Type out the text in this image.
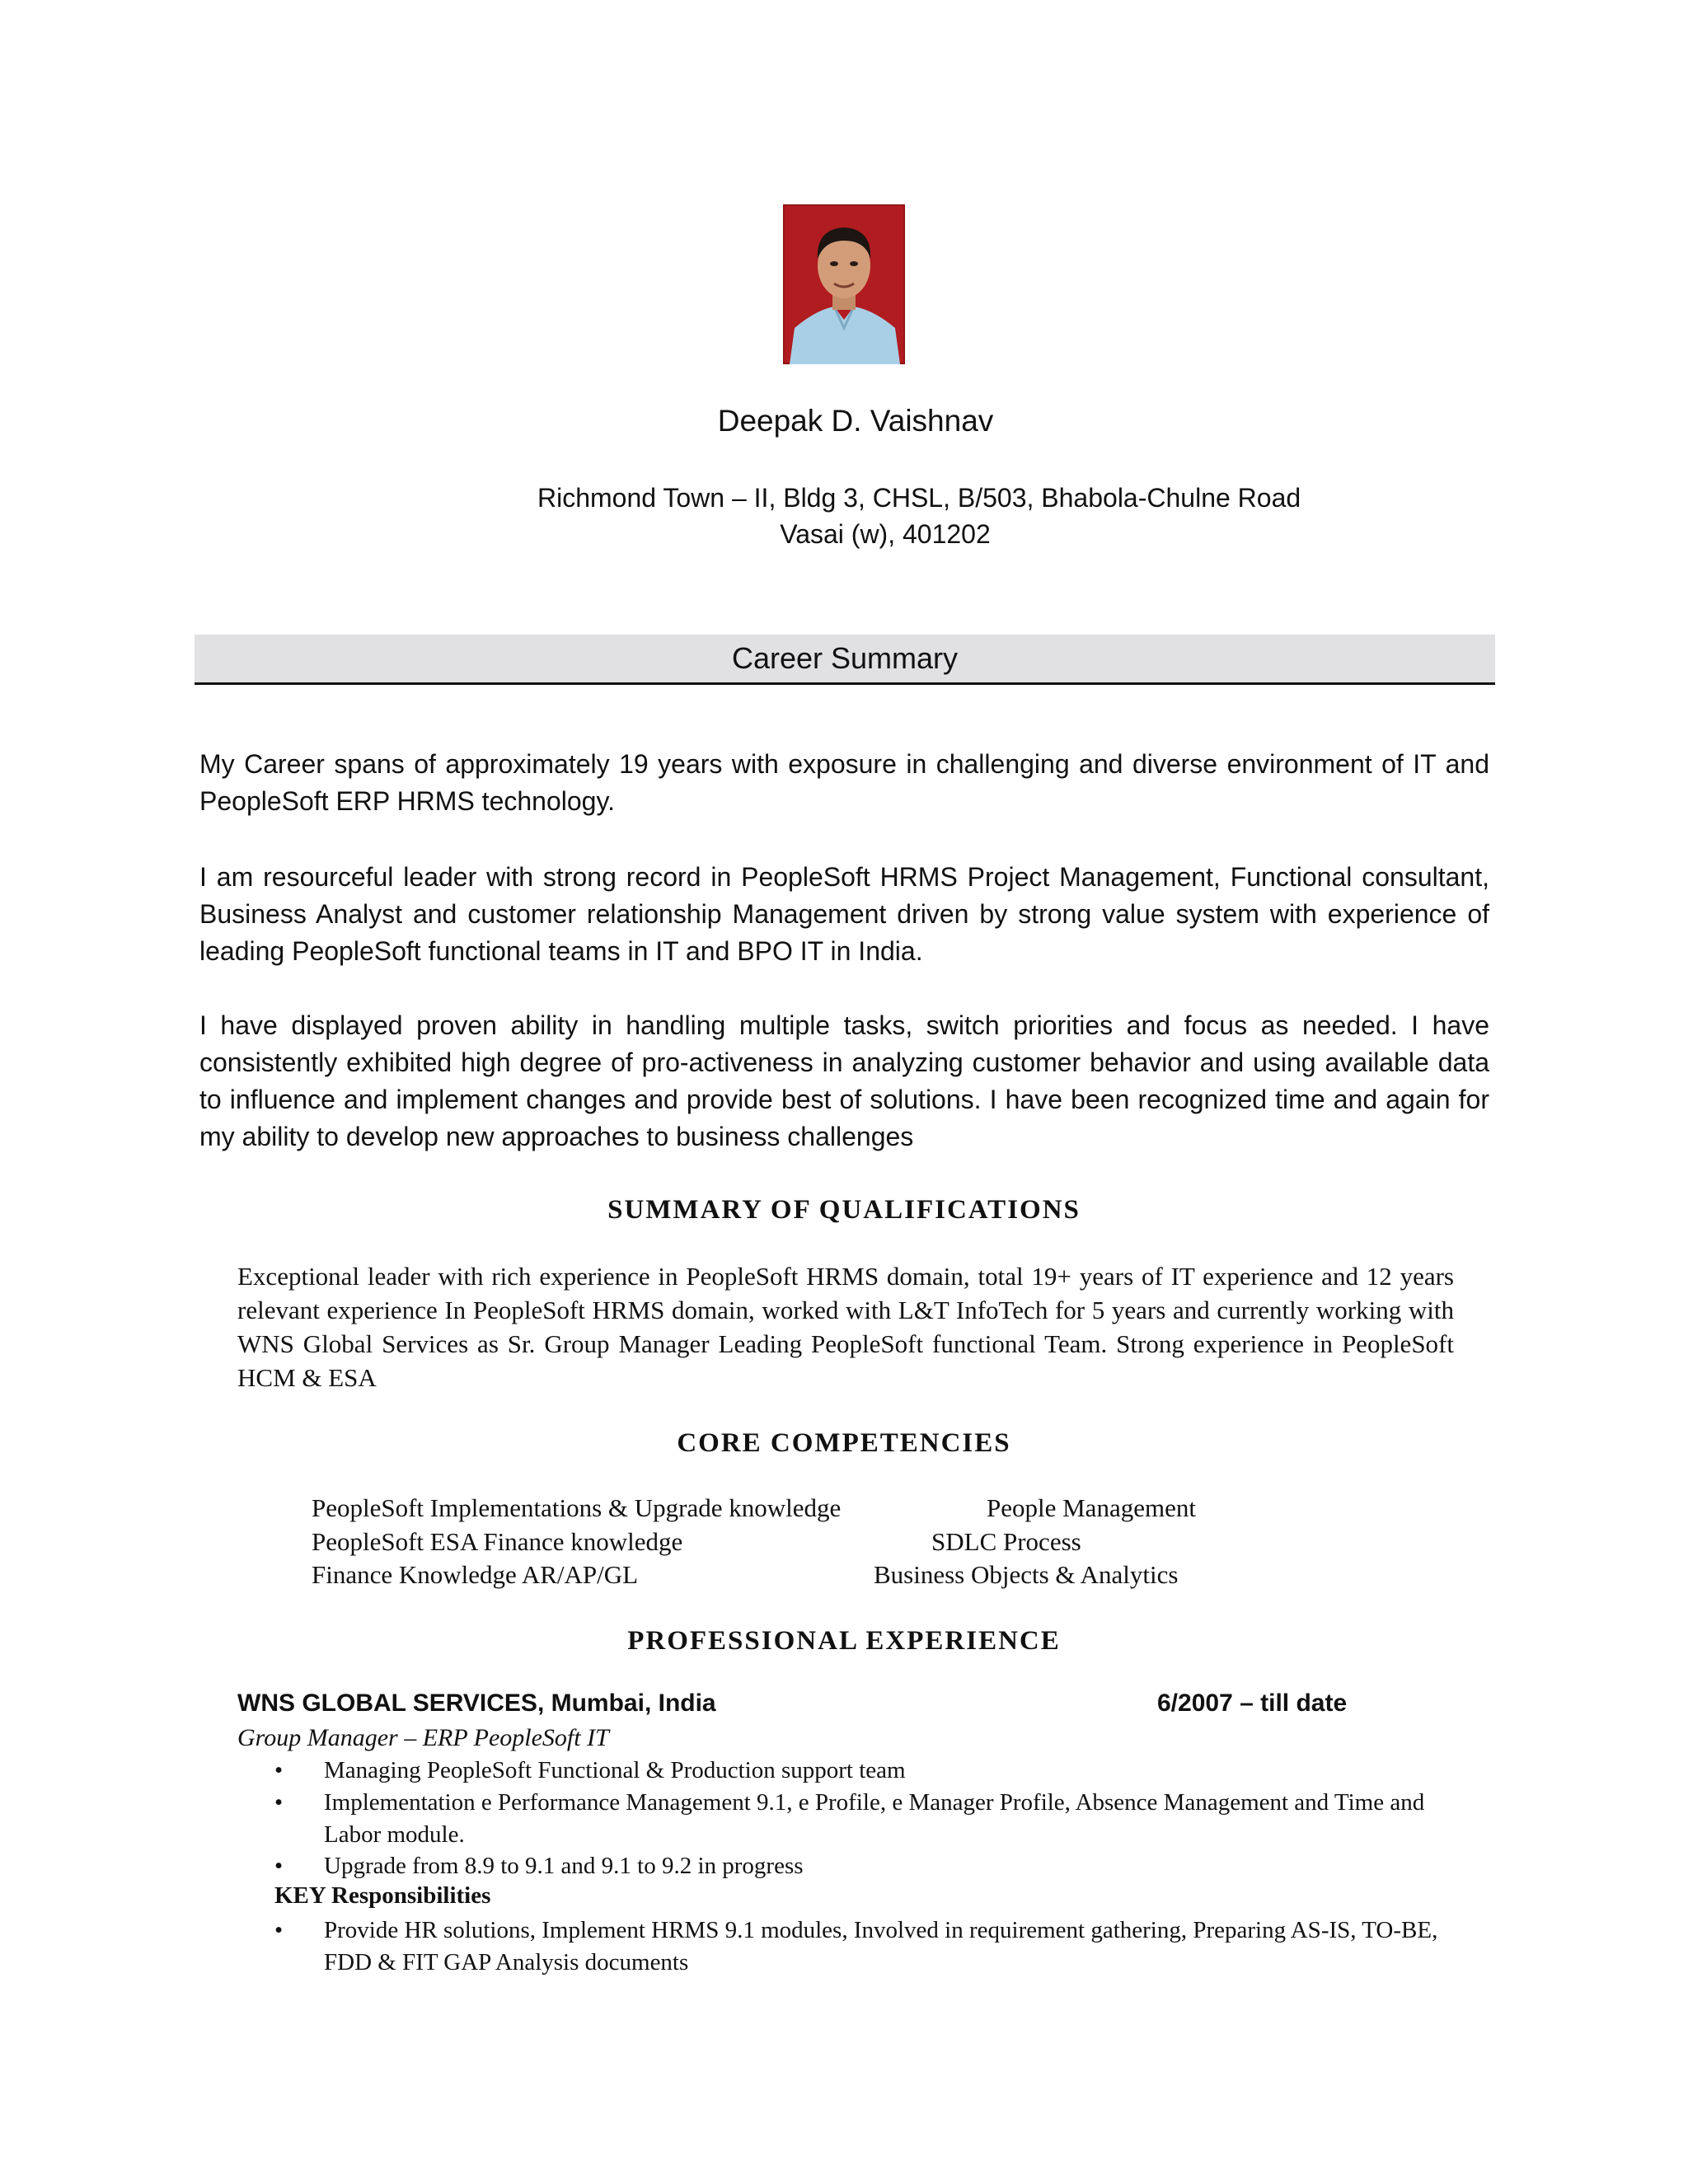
Deepak D. Vaishnav
Richmond Town – II, Bldg 3, CHSL, B/503, Bhabola-Chulne Road
Vasai (w), 401202
Career Summary
My Career spans of approximately 19 years with exposure in challenging and diverse environment of IT and PeopleSoft ERP HRMS technology.
I am resourceful leader with strong record in PeopleSoft HRMS Project Management, Functional consultant, Business Analyst and customer relationship Management driven by strong value system with experience of leading PeopleSoft functional teams in IT and BPO IT in India.
I have displayed proven ability in handling multiple tasks, switch priorities and focus as needed. I have consistently exhibited high degree of pro-activeness in analyzing customer behavior and using available data to influence and implement changes and provide best of solutions. I have been recognized time and again for my ability to develop new approaches to business challenges
SUMMARY OF QUALIFICATIONS
Exceptional leader with rich experience in PeopleSoft HRMS domain, total 19+ years of IT experience and 12 years relevant experience In PeopleSoft HRMS domain, worked with L&T InfoTech for 5 years and currently working with WNS Global Services as Sr. Group Manager Leading PeopleSoft functional Team. Strong experience in PeopleSoft HCM & ESA
CORE COMPETENCIES
PeopleSoft Implementations & Upgrade knowledge	People Management
PeopleSoft ESA Finance knowledge	SDLC Process
Finance Knowledge AR/AP/GL	Business Objects & Analytics
PROFESSIONAL EXPERIENCE
WNS GLOBAL SERVICES, Mumbai, India	6/2007 – till date
Group Manager – ERP PeopleSoft IT
• Managing PeopleSoft Functional & Production support team
• Implementation e Performance Management 9.1, e Profile, e Manager Profile, Absence Management and Time and Labor module.
• Upgrade from 8.9 to 9.1 and 9.1 to 9.2 in progress
KEY Responsibilities
• Provide HR solutions, Implement HRMS 9.1 modules, Involved in requirement gathering, Preparing AS-IS, TO-BE, FDD & FIT GAP Analysis documents
